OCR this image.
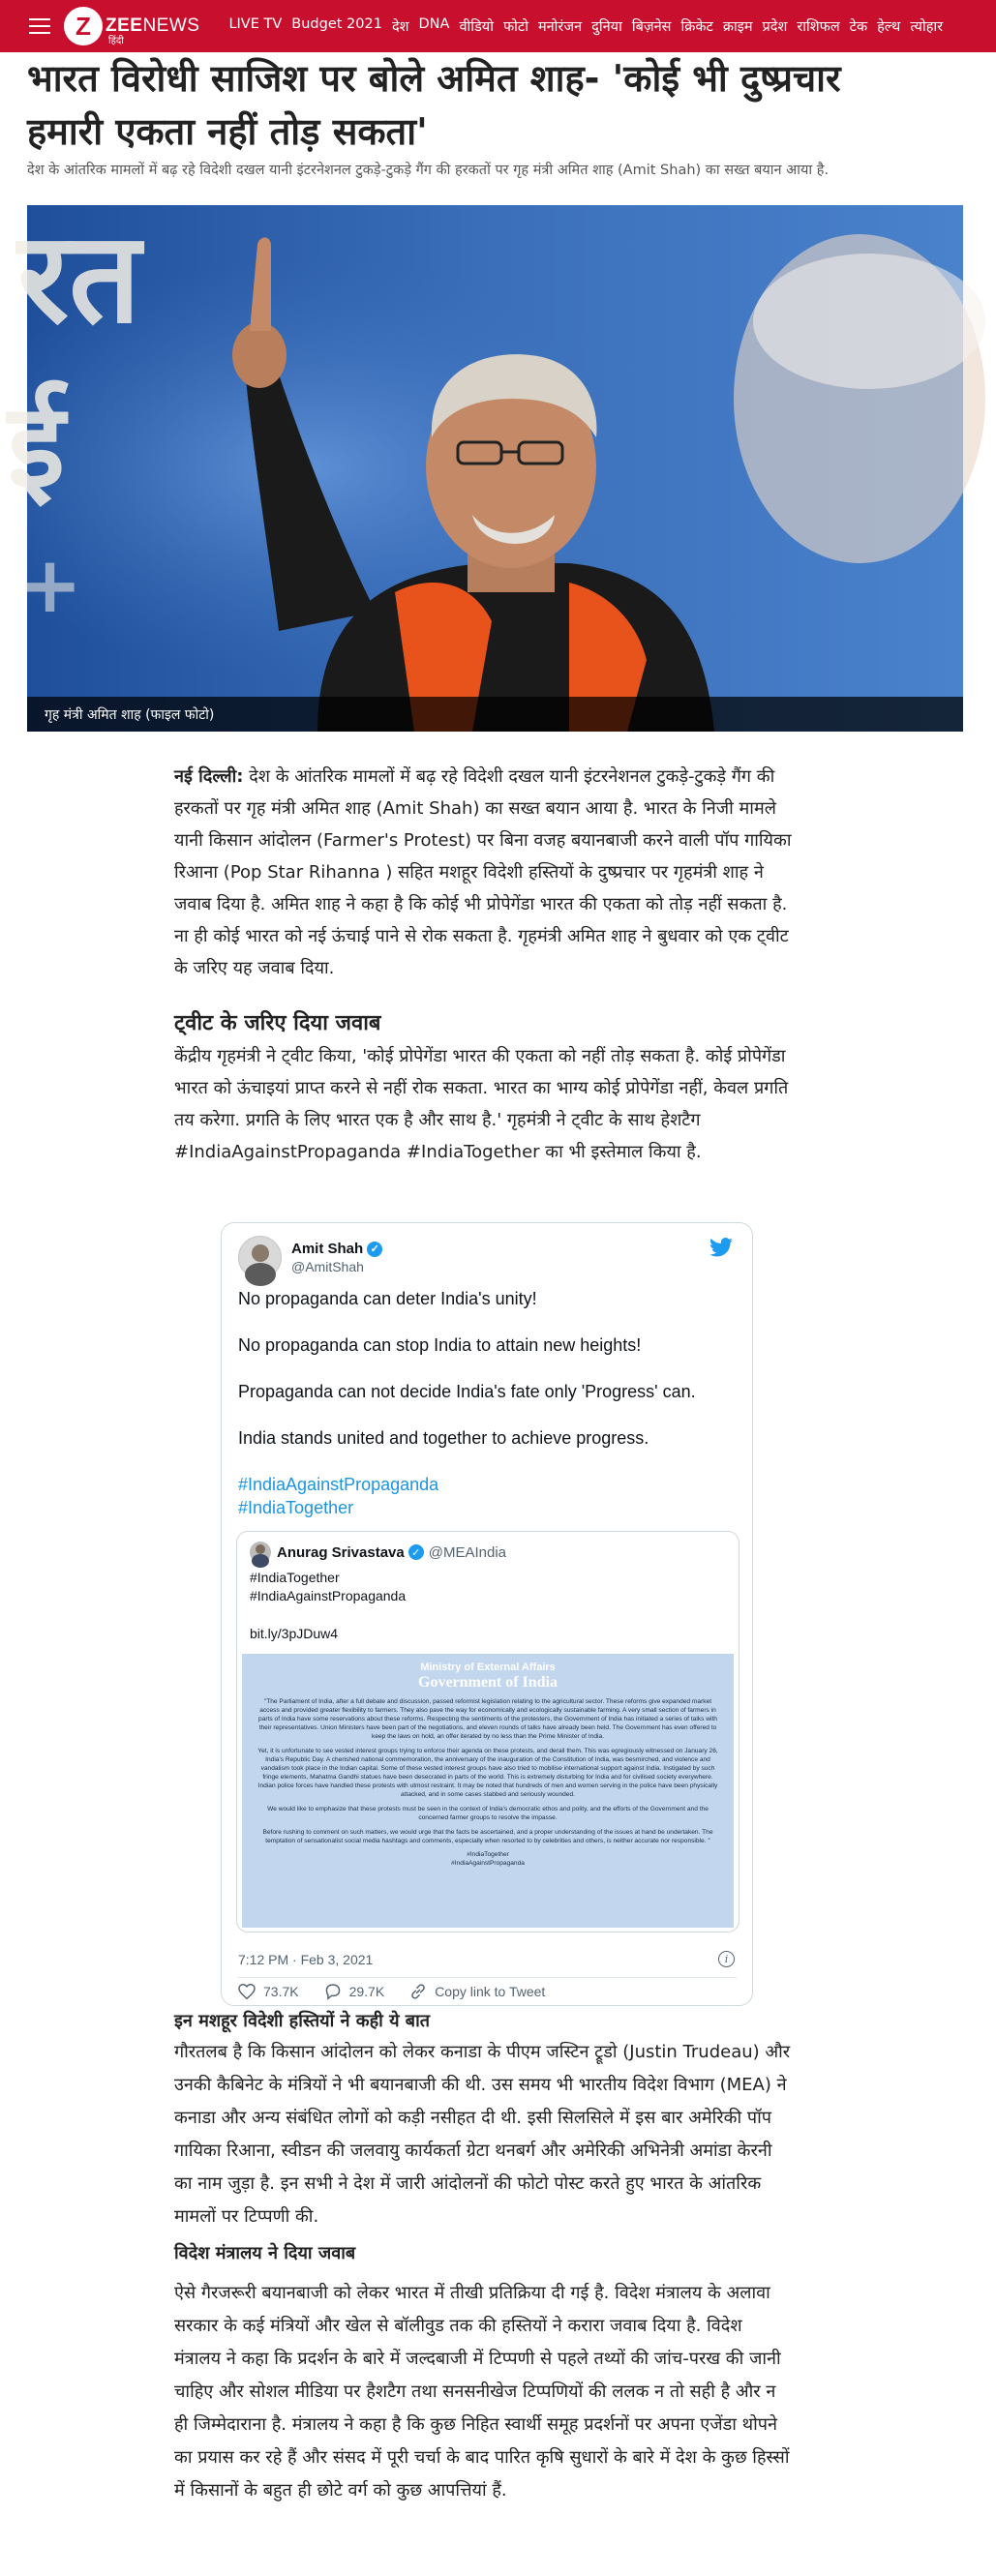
Z ZEENEWS
हिंदी
LIVE TV Budget 2021 देश DNA वीडियो फोटो मनोरंजन दुनिया बिज़नेस क्रिकेट क्राइम प्रदेश राशिफल टेक हेल्थ त्योहार
भारत विरोधी साजिश पर बोले अमित शाह- 'कोई भी दुष्प्रचार
हमारी एकता नहीं तोड़ सकता'
देश के आंतरिक मामलों में बढ़ रहे विदेशी दखल यानी इंटरनेशनल टुकड़े-टुकड़े गैंग की हरकतों पर गृह मंत्री अमित शाह (Amit Shah) का सख्त बयान आया है.
रत
ई
+
गृह मंत्री अमित शाह (फाइल फोटो)
नई दिल्ली: देश के आंतरिक मामलों में बढ़ रहे विदेशी दखल यानी इंटरनेशनल टुकड़े-टुकड़े गैंग की हरकतों पर गृह मंत्री अमित शाह (Amit Shah) का सख्त बयान आया है. भारत के निजी मामले यानी किसान आंदोलन (Farmer's Protest) पर बिना वजह बयानबाजी करने वाली पॉप गायिका रिआना (Pop Star Rihanna ) सहित मशहूर विदेशी हस्तियों के दुष्प्रचार पर गृहमंत्री शाह ने जवाब दिया है. अमित शाह ने कहा है कि कोई भी प्रोपेगेंडा भारत की एकता को तोड़ नहीं सकता है. ना ही कोई भारत को नई ऊंचाई पाने से रोक सकता है. गृहमंत्री अमित शाह ने बुधवार को एक ट्वीट के जरिए यह जवाब दिया.
ट्वीट के जरिए दिया जवाब
केंद्रीय गृहमंत्री ने ट्वीट किया, 'कोई प्रोपेगेंडा भारत की एकता को नहीं तोड़ सकता है. कोई प्रोपेगेंडा भारत को ऊंचाइयां प्राप्त करने से नहीं रोक सकता. भारत का भाग्य कोई प्रोपेगेंडा नहीं, केवल प्रगति तय करेगा. प्रगति के लिए भारत एक है और साथ है.' गृहमंत्री ने ट्वीट के साथ हेशटैग #IndiaAgainstPropaganda #IndiaTogether का भी इस्तेमाल किया है.
Amit Shah ✓
@AmitShah

No propaganda can deter India's unity!

No propaganda can stop India to attain new heights!

Propaganda can not decide India's fate only 'Progress' can.

India stands united and together to achieve progress.

#IndiaAgainstPropaganda
#IndiaTogether
Anurag Srivastava ✓ @MEAIndia
#IndiaTogether
#IndiaAgainstPropaganda
bit.ly/3pJDuw4
Ministry of External Affairs
Government of India

"The Parliament of India, after a full debate and discussion, passed reformist legislation relating to the agricultural sector. These reforms give expanded market access and provided greater flexibility to farmers. They also pave the way for economically and ecologically sustainable farming. A very small section of farmers in parts of India have some reservations about these reforms. Respecting the sentiments of the protesters, the Government of India has initiated a series of talks with their representatives. Union Ministers have been part of the negotiations, and eleven rounds of talks have already been held. The Government has even offered to keep the laws on hold, an offer iterated by no less than the Prime Minister of India.

Yet, it is unfortunate to see vested interest groups trying to enforce their agenda on these protests, and derail them. This was egregiously witnessed on January 26, India's Republic Day. A cherished national commemoration, the anniversary of the inauguration of the Constitution of India, was besmirched, and violence and vandalism took place in the Indian capital. Some of these vested interest groups have also tried to mobilise international support against India. Instigated by such fringe elements, Mahatma Gandhi statues have been desecrated in parts of the world. This is extremely disturbing for India and for civilised society everywhere. Indian police forces have handled these protests with utmost restraint. It may be noted that hundreds of men and women serving in the police have been physically attacked, and in some cases stabbed and seriously wounded.

We would like to emphasize that these protests must be seen in the context of India's democratic ethos and polity, and the efforts of the Government and the concerned farmer groups to resolve the impasse.

Before rushing to comment on such matters, we would urge that the facts be ascertained, and a proper understanding of the issues at hand be undertaken. The temptation of sensationalist social media hashtags and comments, especially when resorted to by celebrities and others, is neither accurate nor responsible. "

#IndiaTogether
#IndiaAgainstPropaganda
7:12 PM · Feb 3, 2021	i
73.7K	29.7K	Copy link to Tweet
इन मशहूर विदेशी हस्तियों ने कही ये बात
गौरतलब है कि किसान आंदोलन को लेकर कनाडा के पीएम जस्टिन ट्रूडो (Justin Trudeau) और उनकी कैबिनेट के मंत्रियों ने भी बयानबाजी की थी. उस समय भी भारतीय विदेश विभाग (MEA) ने कनाडा और अन्य संबंधित लोगों को कड़ी नसीहत दी थी. इसी सिलसिले में इस बार अमेरिकी पॉप गायिका रिआना, स्वीडन की जलवायु कार्यकर्ता ग्रेटा थनबर्ग और अमेरिकी अभिनेत्री अमांडा केरनी का नाम जुड़ा है. इन सभी ने देश में जारी आंदोलनों की फोटो पोस्ट करते हुए भारत के आंतरिक मामलों पर टिप्पणी की.
विदेश मंत्रालय ने दिया जवाब
ऐसे गैरजरूरी बयानबाजी को लेकर भारत में तीखी प्रतिक्रिया दी गई है. विदेश मंत्रालय के अलावा सरकार के कई मंत्रियों और खेल से बॉलीवुड तक की हस्तियों ने करारा जवाब दिया है. विदेश मंत्रालय ने कहा कि प्रदर्शन के बारे में जल्दबाजी में टिप्पणी से पहले तथ्यों की जांच-परख की जानी चाहिए और सोशल मीडिया पर हैशटैग तथा सनसनीखेज टिप्पणियों की ललक न तो सही है और न ही जिम्मेदाराना है. मंत्रालय ने कहा है कि कुछ निहित स्वार्थी समूह प्रदर्शनों पर अपना एजेंडा थोपने का प्रयास कर रहे हैं और संसद में पूरी चर्चा के बाद पारित कृषि सुधारों के बारे में देश के कुछ हिस्सों में किसानों के बहुत ही छोटे वर्ग को कुछ आपत्तियां हैं.
